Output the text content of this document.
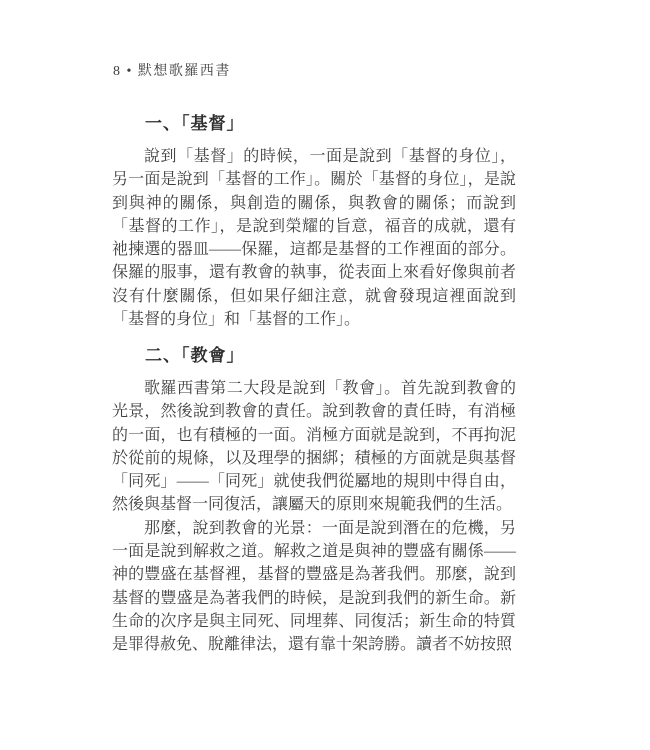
8 • 默想歌羅西書
一、「基督」

說到「基督」的時候，一面是說到「基督的身位」，另一面是說到「基督的工作」。關於「基督的身位」，是說到與神的關係，與創造的關係，與教會的關係；而說到「基督的工作」，是說到榮耀的旨意，福音的成就，還有祂揀選的器皿——保羅，這都是基督的工作裡面的部分。保羅的服事，還有教會的執事，從表面上來看好像與前者沒有什麼關係，但如果仔細注意，就會發現這裡面說到「基督的身位」和「基督的工作」。

二、「教會」

歌羅西書第二大段是說到「教會」。首先說到教會的光景，然後說到教會的責任。說到教會的責任時，有消極的一面，也有積極的一面。消極方面就是說到，不再拘泥於從前的規條，以及理學的捆綁；積極的方面就是與基督「同死」——「同死」就使我們從屬地的規則中得自由，然後與基督一同復活，讓屬天的原則來規範我們的生活。

那麼，說到教會的光景：一面是說到潛在的危機，另一面是說到解救之道。解救之道是與神的豐盛有關係——神的豐盛在基督裡，基督的豐盛是為著我們。那麼，說到基督的豐盛是為著我們的時候，是說到我們的新生命。新生命的次序是與主同死、同埋葬、同復活；新生命的特質是罪得赦免、脫離律法，還有靠十架誇勝。讀者不妨按照
